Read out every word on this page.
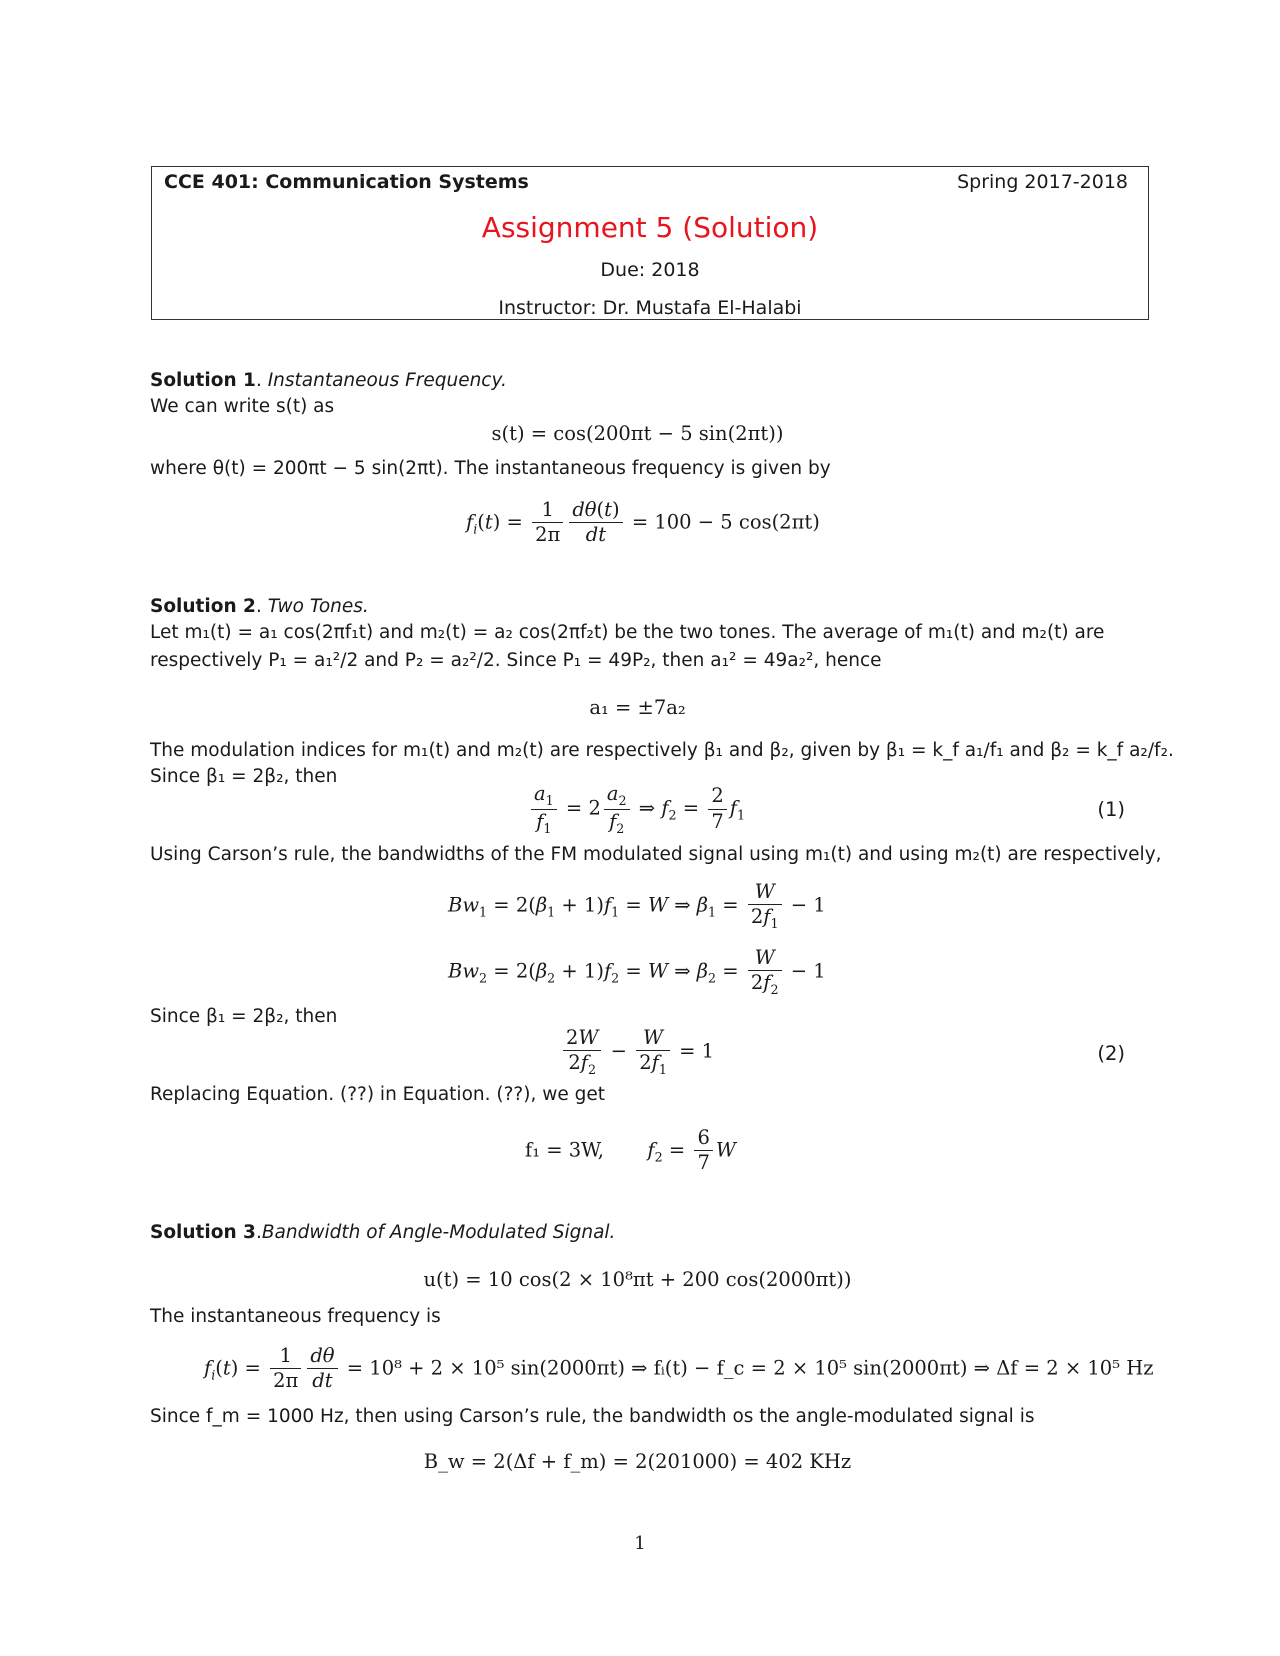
CCE 401: Communication Systems	Spring 2017-2018
Assignment 5 (Solution)
Due: 2018
Instructor: Dr. Mustafa El-Halabi
Solution 1. Instantaneous Frequency.
We can write s(t) as
s(t) = cos(200πt − 5 sin(2πt))
where θ(t) = 200πt − 5 sin(2πt). The instantaneous frequency is given by
$f_i(t) = \frac{1}{2\pi} \frac{d\theta(t)}{dt} = 100 - 5$ cos(2πt)
Solution 2. Two Tones.
Let m₁(t) = a₁ cos(2πf₁t) and m₂(t) = a₂ cos(2πf₂t) be the two tones. The average of m₁(t) and m₂(t) are
respectively P₁ = a₁²/2 and P₂ = a₂²/2. Since P₁ = 49P₂, then a₁² = 49a₂², hence
a₁ = ±7a₂
The modulation indices for m₁(t) and m₂(t) are respectively β₁ and β₂, given by β₁ = k_f a₁/f₁ and β₂ = k_f a₂/f₂.
Since β₁ = 2β₂, then
$\frac{a_1}{f_1} = 2 \frac{a_2}{f_2}$ ⇒ $f_2 = \frac{2}{7} f_1$	(1)
Using Carson’s rule, the bandwidths of the FM modulated signal using m₁(t) and using m₂(t) are respectively,
$Bw_1 = 2(\beta_1 + 1)f_1 = W$ ⇒ $\beta_1 = \frac{W}{2f_1} - 1$
$Bw_2 = 2(\beta_2 + 1)f_2 = W$ ⇒ $\beta_2 = \frac{W}{2f_2} - 1$
Since β₁ = 2β₂, then
$\frac{2W}{2f_2} - \frac{W}{2f_1} = 1$	(2)
Replacing Equation. (??) in Equation. (??), we get
f₁ = 3W, $f_2 = \frac{6}{7}$ W
Solution 3.Bandwidth of Angle-Modulated Signal.
u(t) = 10 cos(2 × 10⁸πt + 200 cos(2000πt))
The instantaneous frequency is
$f_i(t) = \frac{1}{2\pi} \frac{d\theta}{dt} = 10^8 + 2 \times 10^5$ sin(2000πt) ⇒ fᵢ(t) − f_c = 2 × 10⁵ sin(2000πt) ⇒ Δf = 2 × 10⁵ Hz
Since f_m = 1000 Hz, then using Carson’s rule, the bandwidth os the angle-modulated signal is
B_w = 2(Δf + f_m) = 2(201000) = 402 KHz
1
